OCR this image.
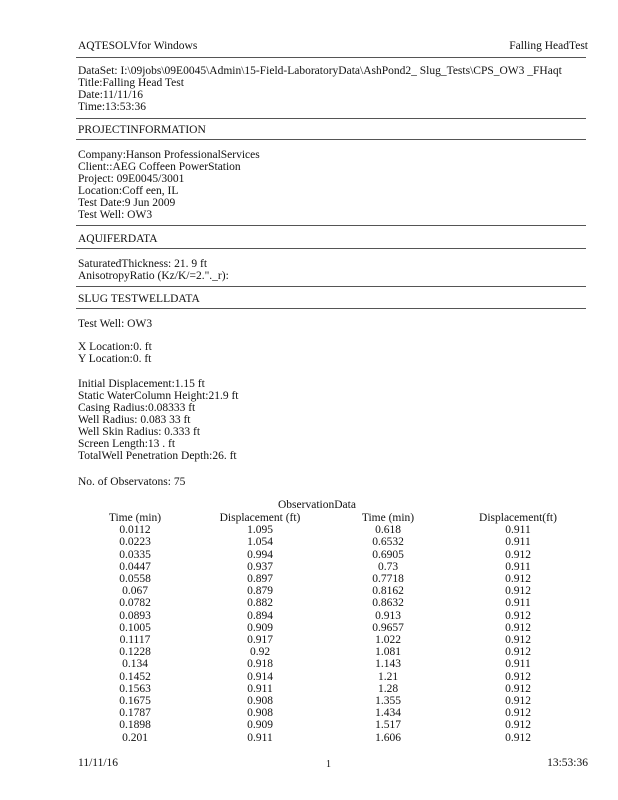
AQTESOLVfor Windows	Falling HeadTest
DataSet: I:\09jobs\09E0045\Admin\15-Field-LaboratoryData\AshPond2_ Slug_Tests\CPS_OW3 _FHaqt
Title:Falling Head Test
Date:11/11/16
Time:13:53:36
PROJECTINFORMATION
Company:Hanson ProfessionalServices
Client::AEG Coffeen PowerStation
Project: 09E0045/3001
Location:Coff een, IL
Test Date:9 Jun 2009
Test Well: OW3
AQUIFERDATA
SaturatedThickness: 21. 9 ft
AnisotropyRatio (Kz/K/=2."._r):
SLUG TESTWELLDATA
Test Well: OW3
X Location:0. ft
Y Location:0. ft
Initial Displacement:1.15 ft
Static WaterColumn Height:21.9 ft
Casing Radius:0.08333 ft
Well Radius: 0.083 33 ft
Well Skin Radius: 0.333 ft
Screen Length:13 . ft
TotalWell Penetration Depth:26. ft
No. of Observatons: 75
ObservationData
Time (min)	Displacement (ft)	Time (min)	Displacement(ft)
0.0112	1.095	0.618	0.911
0.0223	1.054	0.6532	0.911
0.0335	0.994	0.6905	0.912
0.0447	0.937	0.73	0.911
0.0558	0.897	0.7718	0.912
0.067	0.879	0.8162	0.912
0.0782	0.882	0.8632	0.911
0.0893	0.894	0.913	0.912
0.1005	0.909	0.9657	0.912
0.1117	0.917	1.022	0.912
0.1228	0.92	1.081	0.912
0.134	0.918	1.143	0.911
0.1452	0.914	1.21	0.912
0.1563	0.911	1.28	0.912
0.1675	0.908	1.355	0.912
0.1787	0.908	1.434	0.912
0.1898	0.909	1.517	0.912
0.201	0.911	1.606	0.912
11/11/16	1	13:53:36
